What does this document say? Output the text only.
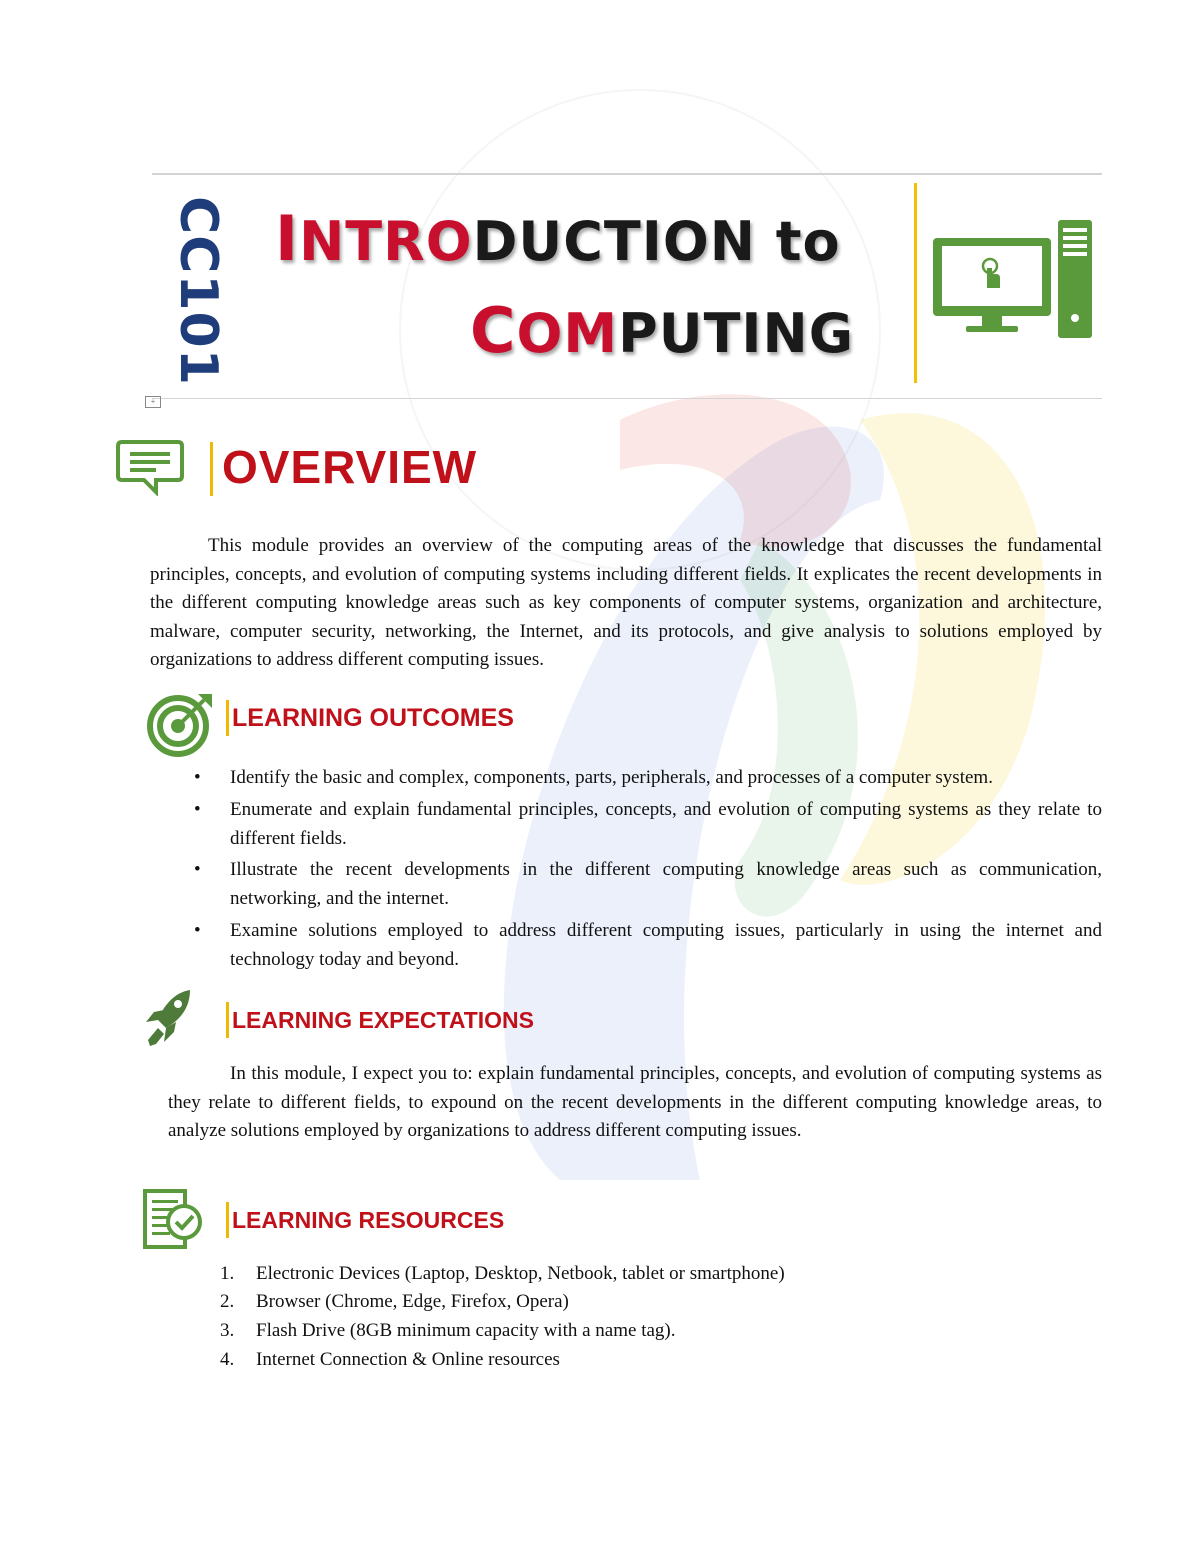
CC101 INTRODUCTION to
COMPUTING
+
OVERVIEW
This module provides an overview of the computing areas of the knowledge that discusses the fundamental principles, concepts, and evolution of computing systems including different fields. It explicates the recent developments in the different computing knowledge areas such as key components of computer systems, organization and architecture, malware, computer security, networking, the Internet, and its protocols, and give analysis to solutions employed by organizations to address different computing issues.
LEARNING OUTCOMES
• Identify the basic and complex, components, parts, peripherals, and processes of a computer system.
• Enumerate and explain fundamental principles, concepts, and evolution of computing systems as they relate to different fields.
• Illustrate the recent developments in the different computing knowledge areas such as communication, networking, and the internet.
• Examine solutions employed to address different computing issues, particularly in using the internet and technology today and beyond.
LEARNING EXPECTATIONS
In this module, I expect you to: explain fundamental principles, concepts, and evolution of computing systems as they relate to different fields, to expound on the recent developments in the different computing knowledge areas, to analyze solutions employed by organizations to address different computing issues.
LEARNING RESOURCES
1. Electronic Devices (Laptop, Desktop, Netbook, tablet or smartphone)
2. Browser (Chrome, Edge, Firefox, Opera)
3. Flash Drive (8GB minimum capacity with a name tag).
4. Internet Connection & Online resources
